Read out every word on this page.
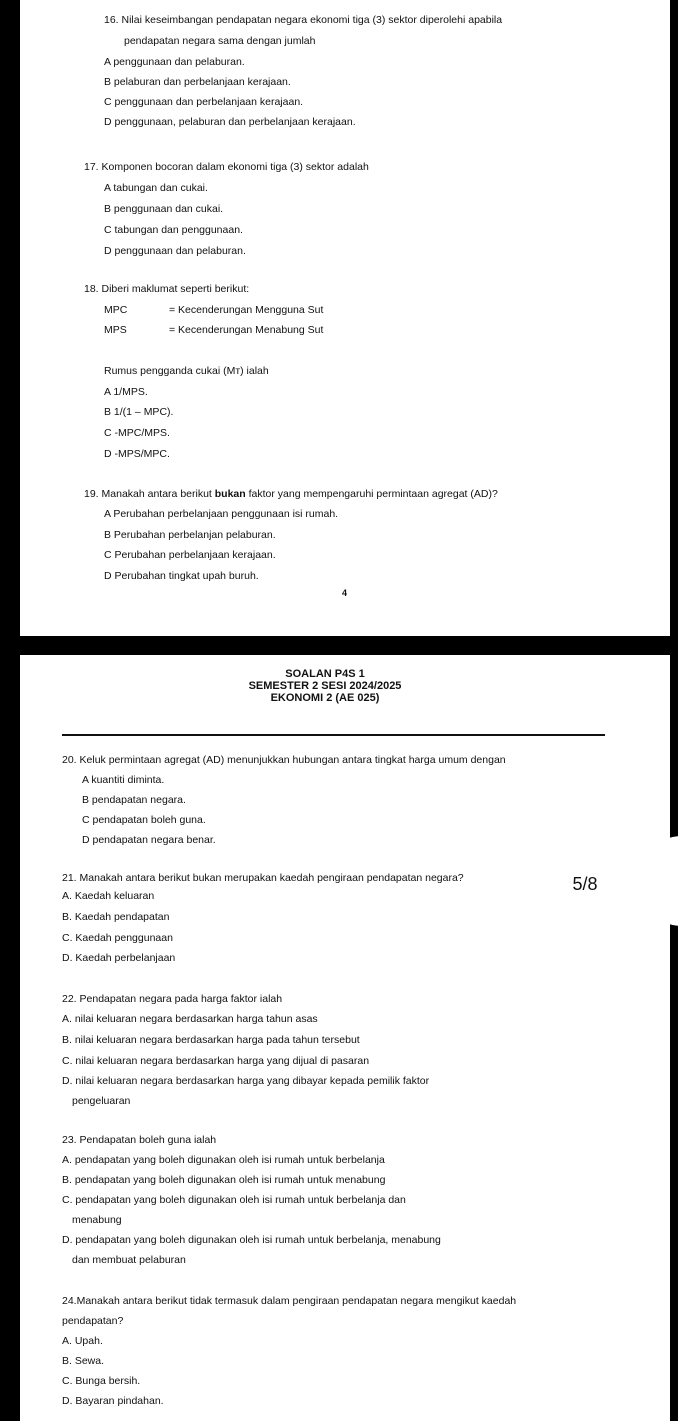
16. Nilai keseimbangan pendapatan negara ekonomi tiga (3) sektor diperolehi apabila
pendapatan negara sama dengan jumlah
A penggunaan dan pelaburan.
B pelaburan dan perbelanjaan kerajaan.
C penggunaan dan perbelanjaan kerajaan.
D penggunaan, pelaburan dan perbelanjaan kerajaan.
17. Komponen bocoran dalam ekonomi tiga (3) sektor adalah
A tabungan dan cukai.
B penggunaan dan cukai.
C tabungan dan penggunaan.
D penggunaan dan pelaburan.
18. Diberi maklumat seperti berikut:
MPC	= Kecenderungan Mengguna Sut
MPS	= Kecenderungan Menabung Sut
Rumus pengganda cukai (Mᴛ) ialah
A 1/MPS.
B 1/(1 – MPC).
C -MPC/MPS.
D -MPS/MPC.
19. Manakah antara berikut bukan faktor yang mempengaruhi permintaan agregat (AD)?
A Perubahan perbelanjaan penggunaan isi rumah.
B Perubahan perbelanjan pelaburan.
C Perubahan perbelanjaan kerajaan.
D Perubahan tingkat upah buruh.
4
SOALAN P4S 1
SEMESTER 2 SESI 2024/2025
EKONOMI 2 (AE 025)
20. Keluk permintaan agregat (AD) menunjukkan hubungan antara tingkat harga umum dengan
A kuantiti diminta.
B pendapatan negara.
C pendapatan boleh guna.
D pendapatan negara benar.
21. Manakah antara berikut bukan merupakan kaedah pengiraan pendapatan negara?
A. Kaedah keluaran
B. Kaedah pendapatan
C. Kaedah penggunaan
D. Kaedah perbelanjaan
22. Pendapatan negara pada harga faktor ialah
A. nilai keluaran negara berdasarkan harga tahun asas
B. nilai keluaran negara berdasarkan harga pada tahun tersebut
C. nilai keluaran negara berdasarkan harga yang dijual di pasaran
D. nilai keluaran negara berdasarkan harga yang dibayar kepada pemilik faktor
pengeluaran
23. Pendapatan boleh guna ialah
A. pendapatan yang boleh digunakan oleh isi rumah untuk berbelanja
B. pendapatan yang boleh digunakan oleh isi rumah untuk menabung
C. pendapatan yang boleh digunakan oleh isi rumah untuk berbelanja dan
menabung
D. pendapatan yang boleh digunakan oleh isi rumah untuk berbelanja, menabung
dan membuat pelaburan
24.Manakah antara berikut tidak termasuk dalam pengiraan pendapatan negara mengikut kaedah
pendapatan?
A. Upah.
B. Sewa.
C. Bunga bersih.
D. Bayaran pindahan.
5/8
